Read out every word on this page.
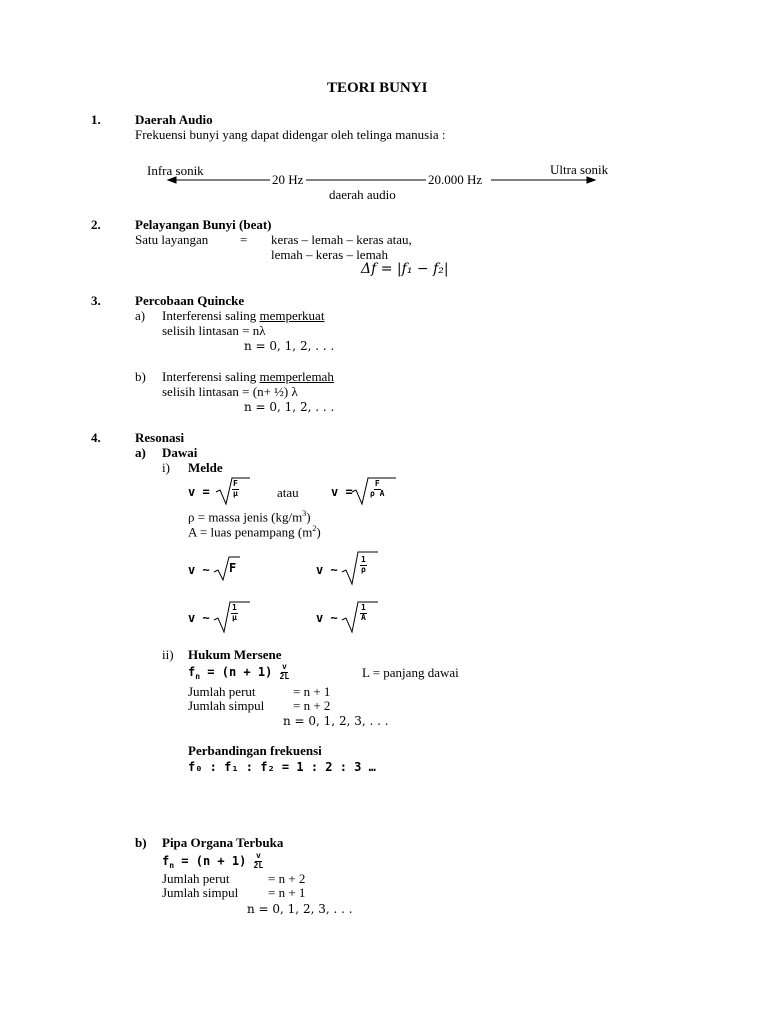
TEORI BUNYI
1.	Daerah Audio
Frekuensi bunyi yang dapat didengar oleh telinga manusia :
Infra sonik	Ultra sonik
20 Hz	20.000 Hz
daerah audio
2.	Pelayangan Bunyi (beat)
Satu layangan = keras – lemah – keras atau,
lemah – keras – lemah
Δ𝑓 = |𝑓₁ − 𝑓₂|
3.	Percobaan Quincke
a) Interferensi saling memperkuat
selisih lintasan = nλ
n = 0, 1, 2, . . .
b) Interferensi saling memperlemah
selisih lintasan = (n+ ½) λ
n = 0, 1, 2, . . .
4.	Resonasi
a) Dawai
i) Melde
v =	$\frac{F}{\mu}$	atau	$v = \frac{F}{\text{ρ A}}$
ρ = massa jenis $(kg/m^3)$
A = luas penampang $(m^2)$
v ~ F	v ~	$\frac{1}{\rho}$
v ~	$\frac{1}{\mu}$	v ~	$\frac{1}{A}$
ii) Hukum Mersene
$f_n = (n + 1) \frac{v}{2L}$	L = panjang dawai
Jumlah perut	= n + 1
Jumlah simpul = n + 2
n = 0, 1, 2, 3, . . .
Perbandingan frekuensi
f₀ : f₁ : f₂ = 1 : 2 : 3 …
b) Pipa Organa Terbuka
$f_n = (n + 1) \frac{v}{2L}$
Jumlah perut	= n + 2
Jumlah simpul = n + 1
n = 0, 1, 2, 3, . . .
